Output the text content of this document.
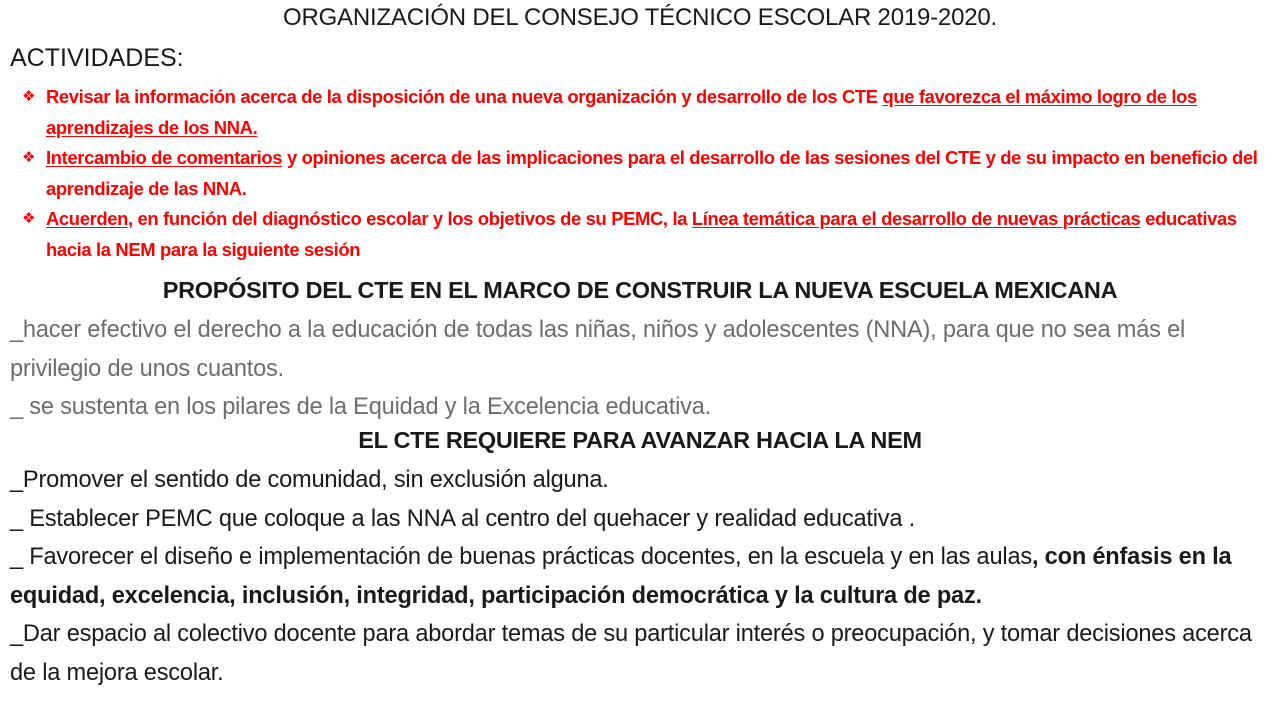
ORGANIZACIÓN DEL CONSEJO TÉCNICO ESCOLAR 2019-2020.
ACTIVIDADES:
❖ Revisar la información acerca de la disposición de una nueva organización y desarrollo de los CTE que favorezca el máximo logro de los aprendizajes de los NNA.
❖ Intercambio de comentarios y opiniones acerca de las implicaciones para el desarrollo de las sesiones del CTE y de su impacto en beneficio del aprendizaje de las NNA.
❖ Acuerden, en función del diagnóstico escolar y los objetivos de su PEMC, la Línea temática para el desarrollo de nuevas prácticas educativas hacia la NEM para la siguiente sesión
PROPÓSITO DEL CTE EN EL MARCO DE CONSTRUIR LA NUEVA ESCUELA MEXICANA
_hacer efectivo el derecho a la educación de todas las niñas, niños y adolescentes (NNA), para que no sea más el privilegio de unos cuantos.
_ se sustenta en los pilares de la Equidad y la Excelencia educativa.
EL CTE REQUIERE PARA AVANZAR HACIA LA NEM
_Promover el sentido de comunidad, sin exclusión alguna.
_ Establecer PEMC que coloque a las NNA al centro del quehacer y realidad educativa .
_ Favorecer el diseño e implementación de buenas prácticas docentes, en la escuela y en las aulas, con énfasis en la equidad, excelencia, inclusión, integridad, participación democrática y la cultura de paz.
_Dar espacio al colectivo docente para abordar temas de su particular interés o preocupación, y tomar decisiones acerca de la mejora escolar.
